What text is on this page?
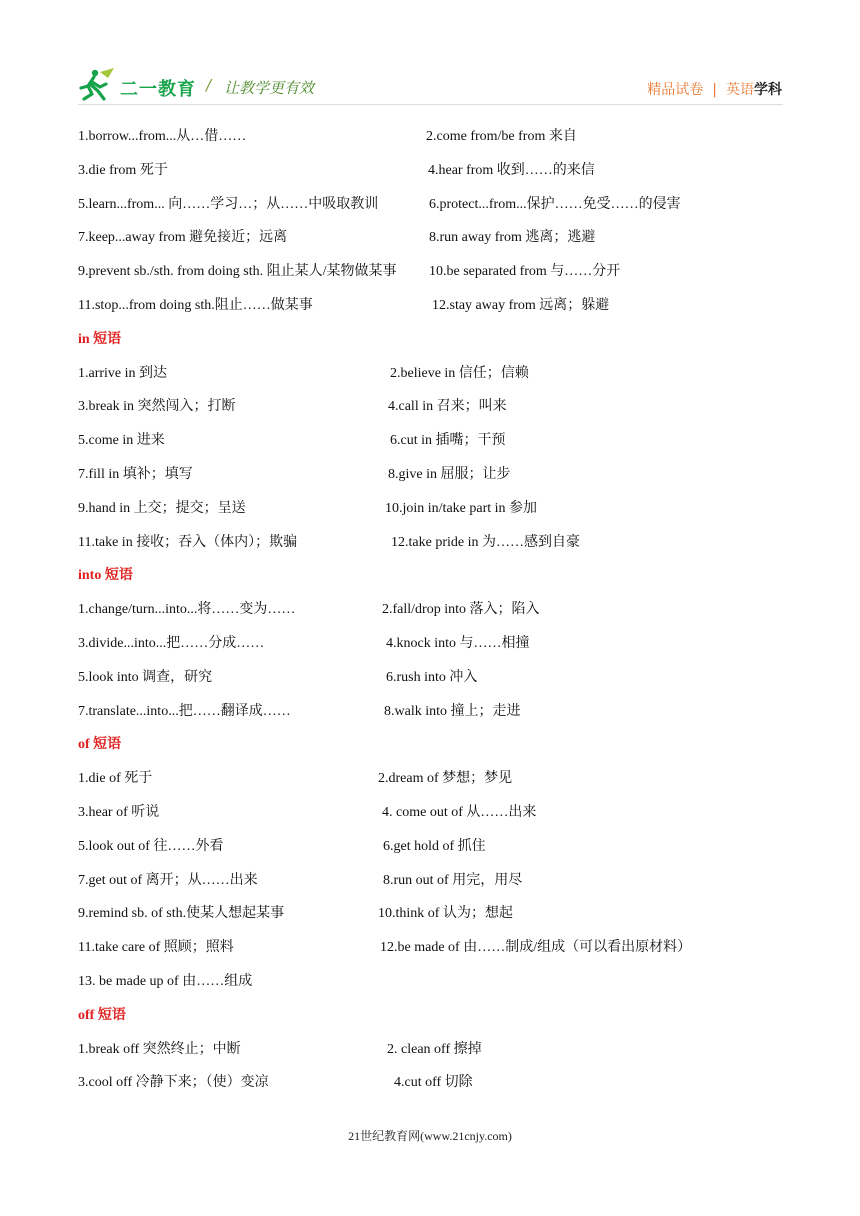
二一教育 / 让教学更有效	精品试卷 | 英语学科
1.borrow...from...从…借……	2.come from/be from 来自
3.die from 死于	4.hear from 收到……的来信
5.learn...from... 向……学习…；从……中吸取教训	6.protect...from...保护……免受……的侵害
7.keep...away from 避免接近；远离	8.run away from 逃离；逃避
9.prevent sb./sth. from doing sth. 阻止某人/某物做某事 10.be separated from 与……分开
11.stop...from doing sth.阻止……做某事	12.stay away from 远离；躲避
in 短语
1.arrive in 到达	2.believe in 信任；信赖
3.break in 突然闯入；打断	4.call in 召来；叫来
5.come in 进来	6.cut in 插嘴；干预
7.fill in 填补；填写	8.give in 屈服；让步
9.hand in 上交；提交；呈送	10.join in/take part in 参加
11.take in 接收；吞入（体内）；欺骗	12.take pride in 为……感到自豪
into 短语
1.change/turn...into...将……变为……	2.fall/drop into 落入；陷入
3.divide...into...把……分成……	4.knock into 与……相撞
5.look into 调查，研究	6.rush into 冲入
7.translate...into...把……翻译成……	8.walk into 撞上；走进
of 短语
1.die of 死于	2.dream of 梦想；梦见
3.hear of 听说	4. come out of 从……出来
5.look out of 往……外看	6.get hold of 抓住
7.get out of 离开；从……出来	8.run out of 用完，用尽
9.remind sb. of sth.使某人想起某事	10.think of 认为；想起
11.take care of 照顾；照料	12.be made of 由……制成/组成（可以看出原材料）
13. be made up of 由……组成
off 短语
1.break off 突然终止；中断	2. clean off 擦掉
3.cool off 冷静下来；（使）变凉	4.cut off 切除
21世纪教育网(www.21cnjy.com)
